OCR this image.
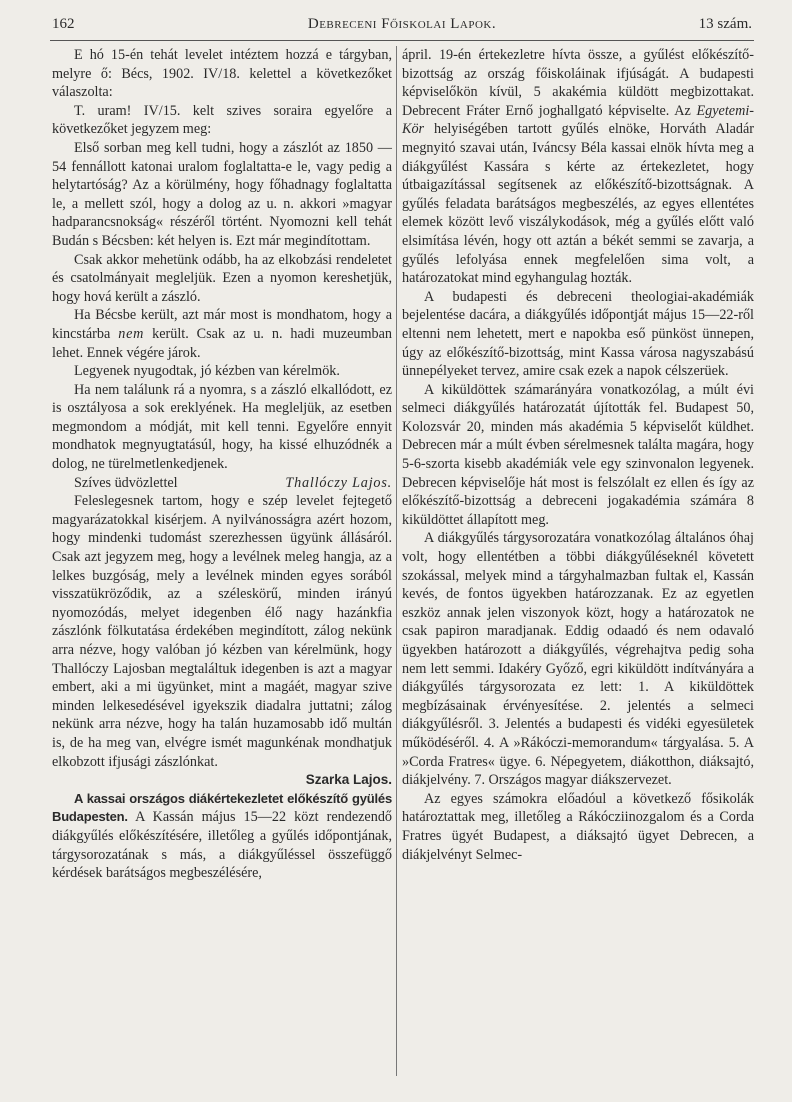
162	Debreceni Főiskolai Lapok.	13 szám.

E hó 15-én tehát levelet intéztem hozzá e tárgyban, melyre ő: Bécs, 1902. IV/18. kelettel a következőket válaszolta:

T. uram! IV/15. kelt szives soraira egyelőre a következőket jegyzem meg:

Első sorban meg kell tudni, hogy a zászlót az 1850 — 54 fennállott katonai uralom foglaltatta-e le, vagy pedig a helytartóság? Az a körülmény, hogy főhadnagy foglaltatta le, a mellett szól, hogy a dolog az u. n. akkori »magyar hadparancsnokság« részéről történt. Nyomozni kell tehát Budán s Bécsben: két helyen is. Ezt már megindítottam.

Csak akkor mehetünk odább, ha az elkobzási rendeletet és csatolmányait megleljük. Ezen a nyomon kereshetjük, hogy hová került a zászló.

Ha Bécsbe került, azt már most is mondhatom, hogy a kincstárba nem került. Csak az u. n. hadi muzeumban lehet. Ennek végére járok.

Legyenek nyugodtak, jó kézben van kérelmök.

Ha nem találunk rá a nyomra, s a zászló elkallódott, ez is osztályosa a sok ereklyének. Ha megleljük, az esetben megmondom a módját, mit kell tenni. Egyelőre ennyit mondhatok megnyugtatásúl, hogy, ha kissé elhuzódnék a dolog, ne türelmetlenkedjenek.

Szíves üdvözlettel	Thallóczy Lajos.

Feleslegesnek tartom, hogy e szép levelet fejtegető magyarázatokkal kisérjem. A nyilvánosságra azért hozom, hogy mindenki tudomást szerezhessen ügyünk állásáról. Csak azt jegyzem meg, hogy a levélnek meleg hangja, az a lelkes buzgóság, mely a levélnek minden egyes sorából visszatükröződik, az a széleskörű, minden irányú nyomozódás, melyet idegenben élő nagy hazánkfia zászlónk fölkutatása érdekében megindított, zálog nekünk arra nézve, hogy valóban jó kézben van kérelmünk, hogy Thallóczy Lajosban megtaláltuk idegenben is azt a magyar embert, aki a mi ügyünket, mint a magáét, magyar szive minden lelkesedésével igyekszik diadalra juttatni; zálog nekünk arra nézve, hogy ha talán huzamosabb idő multán is, de ha meg van, elvégre ismét magunkénak mondhatjuk elkobzott ifjusági zászlónkat.

Szarka Lajos.

A kassai országos diákértekezletet előkészítő gyülés Budapesten. A Kassán május 15—22 közt rendezendő diákgyűlés előkészítésére, illetőleg a gyűlés időpontjának, tárgysorozatának s más, a diákgyűléssel összefüggő kérdések barátságos megbeszélésére,

ápril. 19-én értekezletre hívta össze, a gyűlést előkészítő-bizottság az ország főiskoláinak ifjúságát. A budapesti képviselőkön kívül, 5 akakémia küldött megbizottakat. Debrecent Fráter Ernő joghallgató képviselte. Az Egyetemi-Kör helyiségében tartott gyűlés elnöke, Horváth Aladár megnyitó szavai után, Iváncsy Béla kassai elnök hívta meg a diákgyűlést Kassára s kérte az értekezletet, hogy útbaigazítással segítsenek az előkészítő-bizottságnak. A gyűlés feladata barátságos megbeszélés, az egyes ellentétes elemek között levő viszálykodások, még a gyűlés előtt való elsimítása lévén, hogy ott aztán a békét semmi se zavarja, a gyűlés lefolyása ennek megfelelően sima volt, a határozatokat mind egyhangulag hozták.

A budapesti és debreceni theologiai-akadémiák bejelentése dacára, a diákgyűlés időpontját május 15—22-ről eltenni nem lehetett, mert e napokba eső pünköst ünnepen, úgy az előkészítő-bizottság, mint Kassa városa nagyszabású ünnepélyeket tervez, amire csak ezek a napok célszerüek.

A kiküldöttek számarányára vonatkozólag, a múlt évi selmeci diákgyűlés határozatát újították fel. Budapest 50, Kolozsvár 20, minden más akadémia 5 képviselőt küldhet. Debrecen már a múlt évben sérelmesnek találta magára, hogy 5-6-szorta kisebb akadémiák vele egy szinvonalon legyenek. Debrecen képviselője hát most is felszólalt ez ellen és így az előkészítő-bizottság a debreceni jogakadémia számára 8 kiküldöttet állapított meg.

A diákgyűlés tárgysorozatára vonatkozólag általános óhaj volt, hogy ellentétben a többi diákgyűléseknél követett szokással, melyek mind a tárgyhalmazban fultak el, Kassán kevés, de fontos ügyekben határozzanak. Ez az egyetlen eszköz annak jelen viszonyok közt, hogy a határozatok ne csak papiron maradjanak. Eddig odaadó és nem odavaló ügyekben határozott a diákgyűlés, végrehajtva pedig soha nem lett semmi. Idakéry Győző, egri kiküldött indítványára a diákgyűlés tárgysorozata ez lett: 1. A kiküldöttek megbízásainak érvényesítése. 2. jelentés a selmeci diákgyűlésről. 3. Jelentés a budapesti és vidéki egyesületek működéséről. 4. A »Rákóczi-memorandum« tárgyalása. 5. A »Corda Fratres« ügye. 6. Népegyetem, diákotthon, diáksajtó, diákjelvény. 7. Országos magyar diákszervezet.

Az egyes számokra előadóul a következő fősikolák határoztattak meg, illetőleg a Rákócziinozgalom és a Corda Fratres ügyét Budapest, a diáksajtó ügyet Debrecen, a diákjelvényt Selmec-
